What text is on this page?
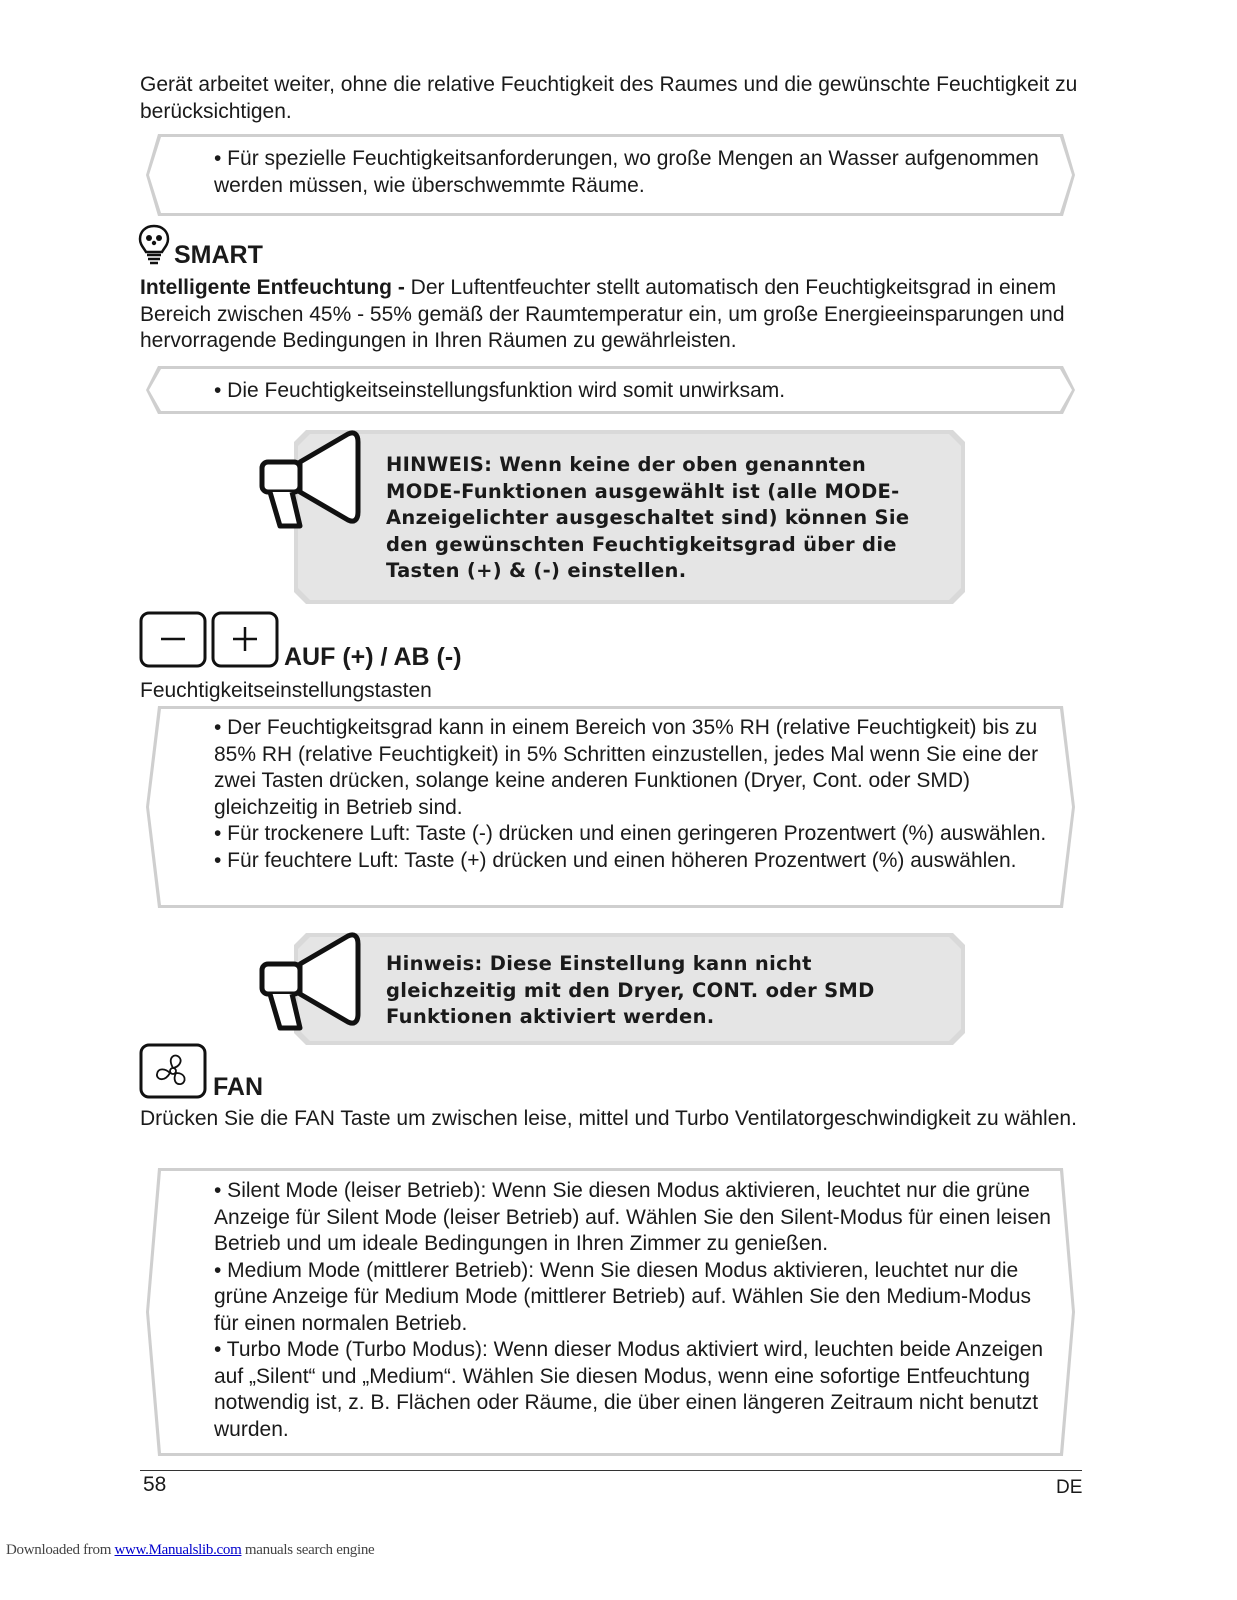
Gerät arbeitet weiter, ohne die relative Feuchtigkeit des Raumes und die gewünschte Feuchtigkeit zu berücksichtigen.

• Für spezielle Feuchtigkeitsanforderungen, wo große Mengen an Wasser aufgenommen werden müssen, wie überschwemmte Räume.
SMART

Intelligente Entfeuchtung - Der Luftentfeuchter stellt automatisch den Feuchtigkeitsgrad in einem Bereich zwischen 45% - 55% gemäß der Raumtemperatur ein, um große Energieeinsparungen und hervorragende Bedingungen in Ihren Räumen zu gewährleisten.

• Die Feuchtigkeitseinstellungsfunktion wird somit unwirksam.
HINWEIS: Wenn keine der oben genannten MODE-Funktionen ausgewählt ist (alle MODE-Anzeigelichter ausgeschaltet sind) können Sie den gewünschten Feuchtigkeitsgrad über die Tasten (+) & (-) einstellen.
AUF (+) / AB (-)
Feuchtigkeitseinstellungstasten
• Der Feuchtigkeitsgrad kann in einem Bereich von 35% RH (relative Feuchtigkeit) bis zu 85% RH (relative Feuchtigkeit) in 5% Schritten einzustellen, jedes Mal wenn Sie eine der zwei Tasten drücken, solange keine anderen Funktionen (Dryer, Cont. oder SMD) gleichzeitig in Betrieb sind.
• Für trockenere Luft: Taste (-) drücken und einen geringeren Prozentwert (%) auswählen.
• Für feuchtere Luft: Taste (+) drücken und einen höheren Prozentwert (%) auswählen.
Hinweis: Diese Einstellung kann nicht gleichzeitig mit den Dryer, CONT. oder SMD Funktionen aktiviert werden.
FAN

Drücken Sie die FAN Taste um zwischen leise, mittel und Turbo Ventilatorgeschwindigkeit zu wählen.

• Silent Mode (leiser Betrieb): Wenn Sie diesen Modus aktivieren, leuchtet nur die grüne Anzeige für Silent Mode (leiser Betrieb) auf. Wählen Sie den Silent-Modus für einen leisen Betrieb und um ideale Bedingungen in Ihren Zimmer zu genießen.
• Medium Mode (mittlerer Betrieb): Wenn Sie diesen Modus aktivieren, leuchtet nur die grüne Anzeige für Medium Mode (mittlerer Betrieb) auf. Wählen Sie den Medium-Modus für einen normalen Betrieb.
• Turbo Mode (Turbo Modus): Wenn dieser Modus aktiviert wird, leuchten beide Anzeigen auf „Silent“ und „Medium“. Wählen Sie diesen Modus, wenn eine sofortige Entfeuchtung notwendig ist, z. B. Flächen oder Räume, die über einen längeren Zeitraum nicht benutzt wurden.
58	DE
Downloaded from www.Manualslib.com manuals search engine
